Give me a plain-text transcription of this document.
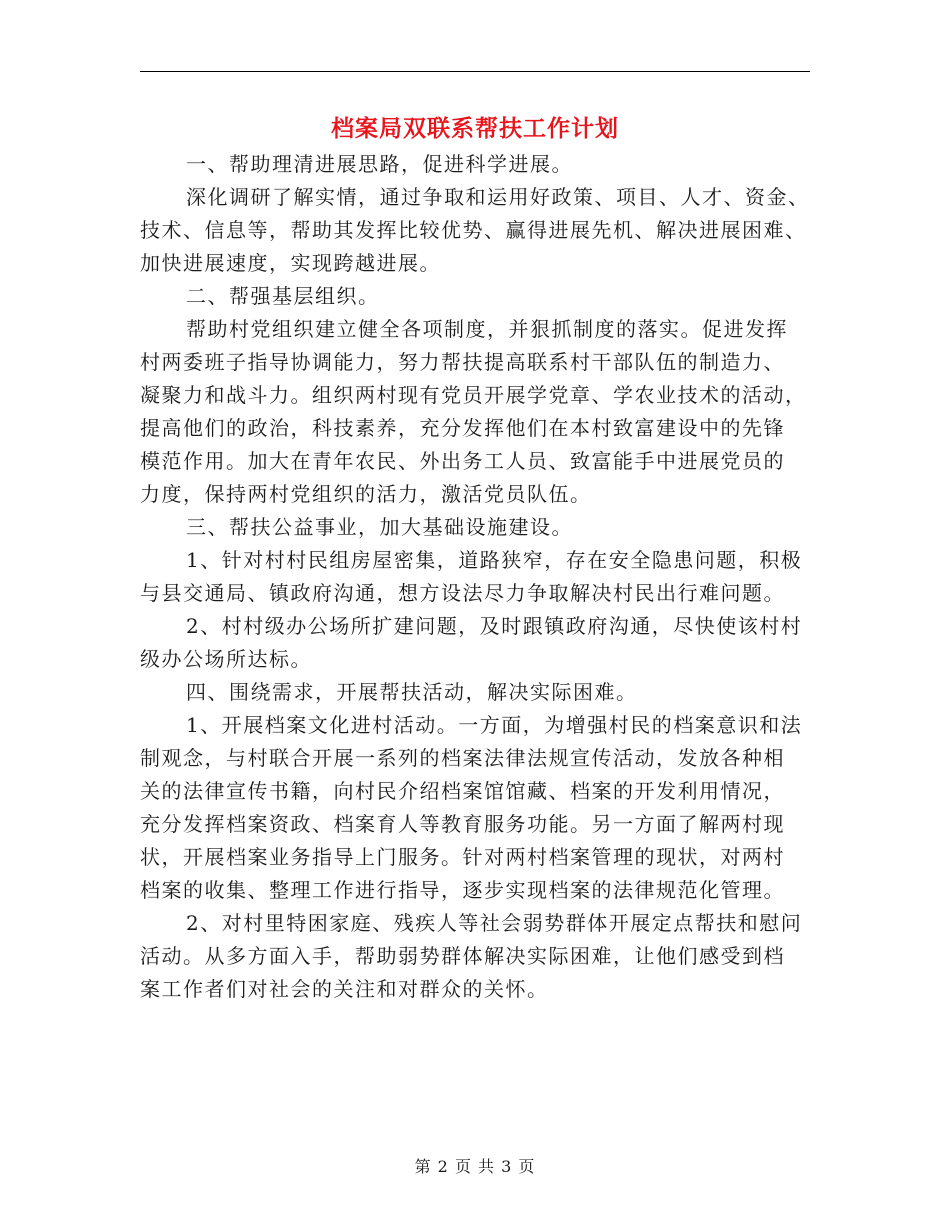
档案局双联系帮扶工作计划
一、帮助理清进展思路，促进科学进展。
深化调研了解实情，通过争取和运用好政策、项目、人才、资金、
技术、信息等，帮助其发挥比较优势、赢得进展先机、解决进展困难、
加快进展速度，实现跨越进展。
二、帮强基层组织。
帮助村党组织建立健全各项制度，并狠抓制度的落实。促进发挥
村两委班子指导协调能力，努力帮扶提高联系村干部队伍的制造力、
凝聚力和战斗力。组织两村现有党员开展学党章、学农业技术的活动，
提高他们的政治，科技素养，充分发挥他们在本村致富建设中的先锋
模范作用。加大在青年农民、外出务工人员、致富能手中进展党员的
力度，保持两村党组织的活力，激活党员队伍。
三、帮扶公益事业，加大基础设施建设。
1、针对村村民组房屋密集，道路狭窄，存在安全隐患问题，积极
与县交通局、镇政府沟通，想方设法尽力争取解决村民出行难问题。
2、村村级办公场所扩建问题，及时跟镇政府沟通，尽快使该村村
级办公场所达标。
四、围绕需求，开展帮扶活动，解决实际困难。
1、开展档案文化进村活动。一方面，为增强村民的档案意识和法
制观念，与村联合开展一系列的档案法律法规宣传活动，发放各种相
关的法律宣传书籍，向村民介绍档案馆馆藏、档案的开发利用情况，
充分发挥档案资政、档案育人等教育服务功能。另一方面了解两村现
状，开展档案业务指导上门服务。针对两村档案管理的现状，对两村
档案的收集、整理工作进行指导，逐步实现档案的法律规范化管理。
2、对村里特困家庭、残疾人等社会弱势群体开展定点帮扶和慰问
活动。从多方面入手，帮助弱势群体解决实际困难，让他们感受到档
案工作者们对社会的关注和对群众的关怀。
第 2 页 共 3 页
